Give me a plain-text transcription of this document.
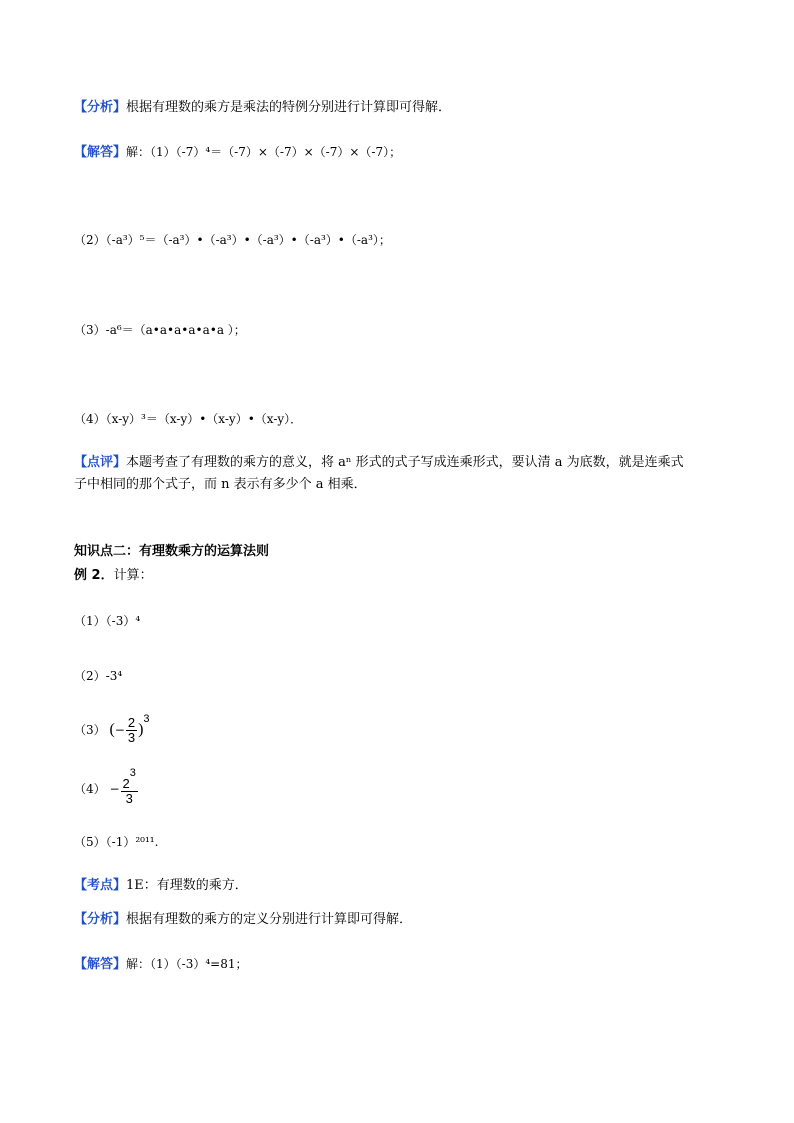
【分析】根据有理数的乘方是乘法的特例分别进行计算即可得解．
【解答】解：（1）（-7）⁴＝（-7）×（-7）×（-7）×（-7）；
（2）（-a³）⁵＝（-a³）•（-a³）•（-a³）•（-a³）•（-a³）；
（3）-a⁶＝（a•a•a•a•a•a ）；
（4）（x-y）³＝（x-y）•（x-y）•（x-y）．
【点评】本题考查了有理数的乘方的意义，将 aⁿ 形式的式子写成连乘形式，要认清 a 为底数，就是连乘式
子中相同的那个式子，而 n 表示有多少个 a 相乘．
知识点二：有理数乘方的运算法则
例 2．计算：
（1）（-3）⁴
（2）-3⁴
（3） (− $\frac{2}{3} )3$
$(4) - \frac{2^3}{3}$
（5）（-1）²⁰¹¹.
【考点】1E：有理数的乘方．
【分析】根据有理数的乘方的定义分别进行计算即可得解．
【解答】解：（1）（-3）⁴=81；
